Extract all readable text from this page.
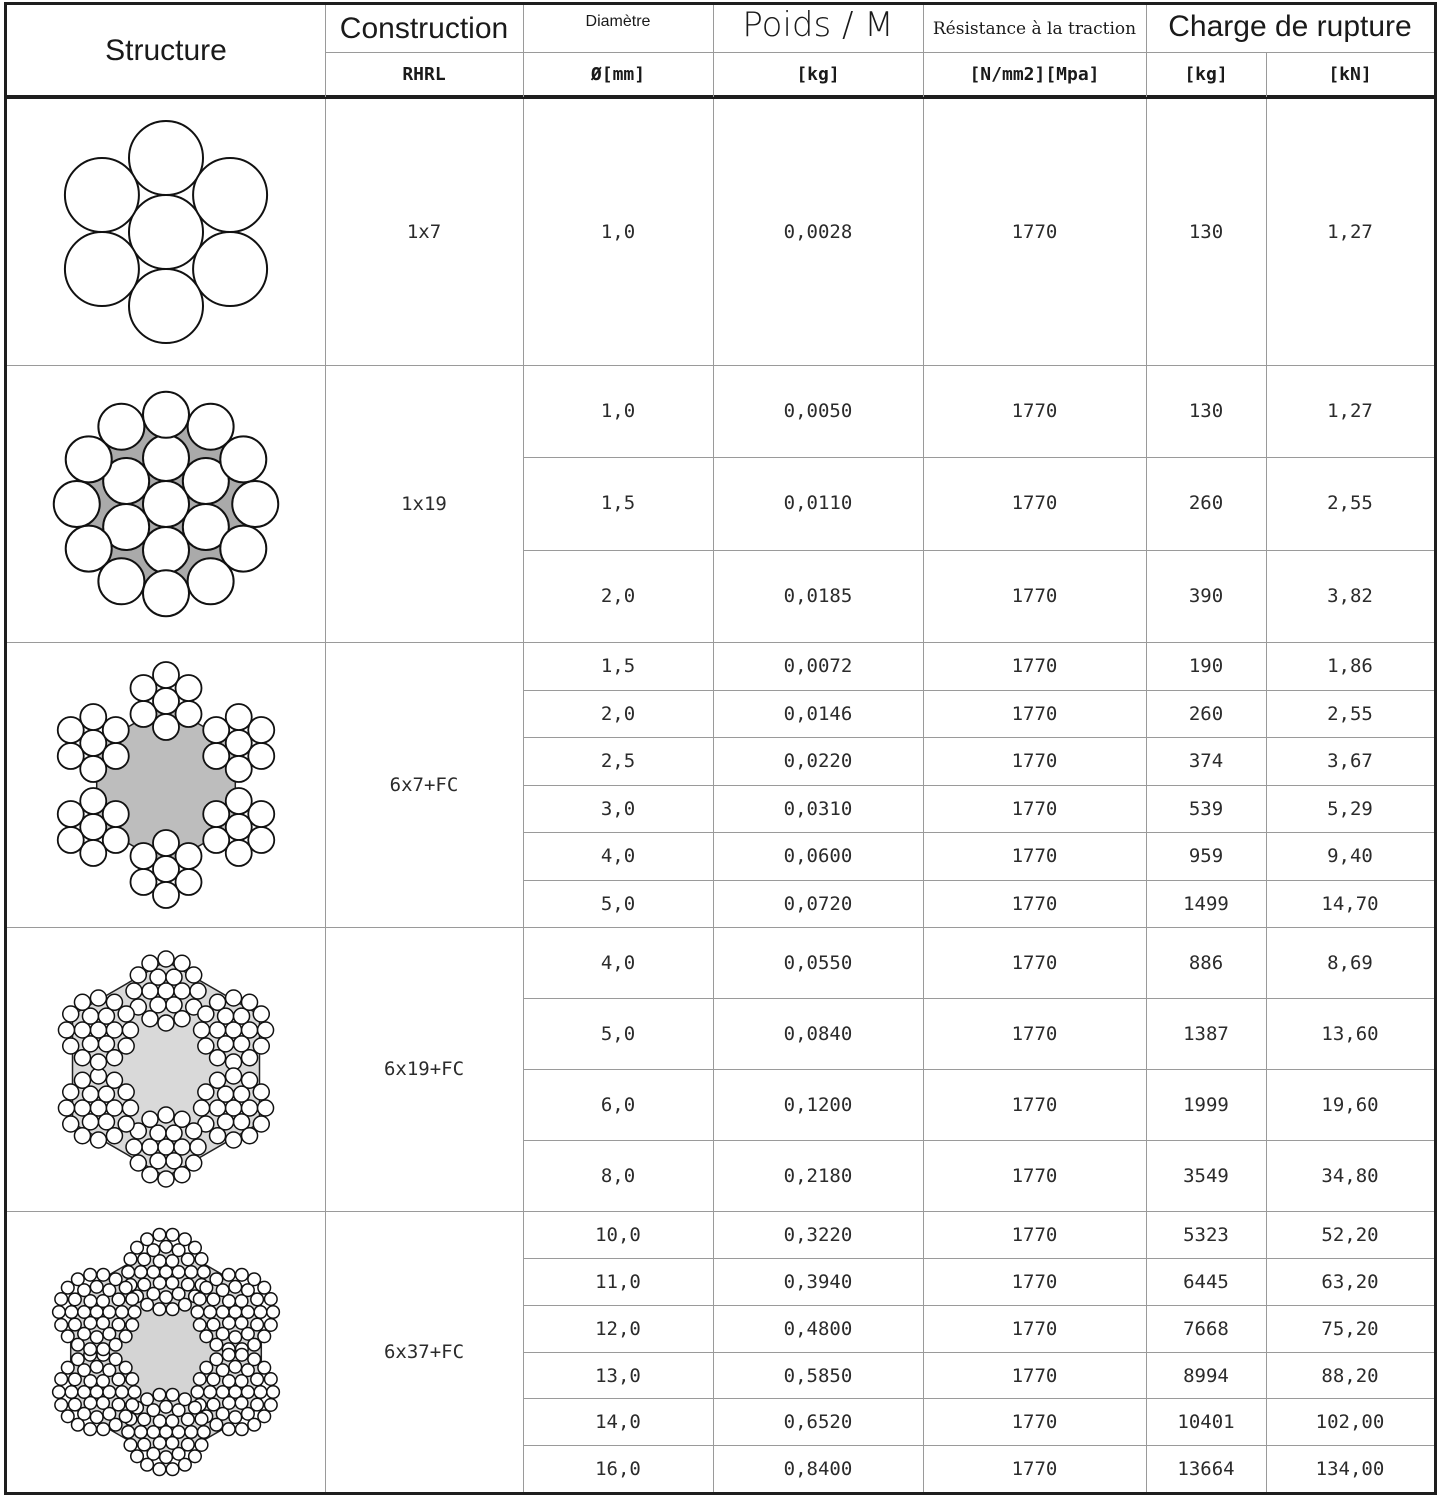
Structure
Construction	Diamètre	Poids / M	Résistance à la traction	Charge de rupture
RHRL	Ø[mm]	[kg]	[N/mm2][Mpa]	[kg]	[kN]
1x7	1,0	0,0028	1770	130	1,27
1x19
1,0	0,0050	1770	130	1,27
1,5	0,0110	1770	260	2,55
2,0	0,0185	1770	390	3,82
6x7+FC
1,5	0,0072	1770	190	1,86
2,0	0,0146	1770	260	2,55
2,5	0,0220	1770	374	3,67
3,0	0,0310	1770	539	5,29
4,0	0,0600	1770	959	9,40
5,0	0,0720	1770	1499	14,70
6x19+FC
4,0	0,0550	1770	886	8,69
5,0	0,0840	1770	1387	13,60
6,0	0,1200	1770	1999	19,60
8,0	0,2180	1770	3549	34,80
6x37+FC
10,0	0,3220	1770	5323	52,20
11,0	0,3940	1770	6445	63,20
12,0	0,4800	1770	7668	75,20
13,0	0,5850	1770	8994	88,20
14,0	0,6520	1770	10401	102,00
16,0	0,8400	1770	13664	134,00
